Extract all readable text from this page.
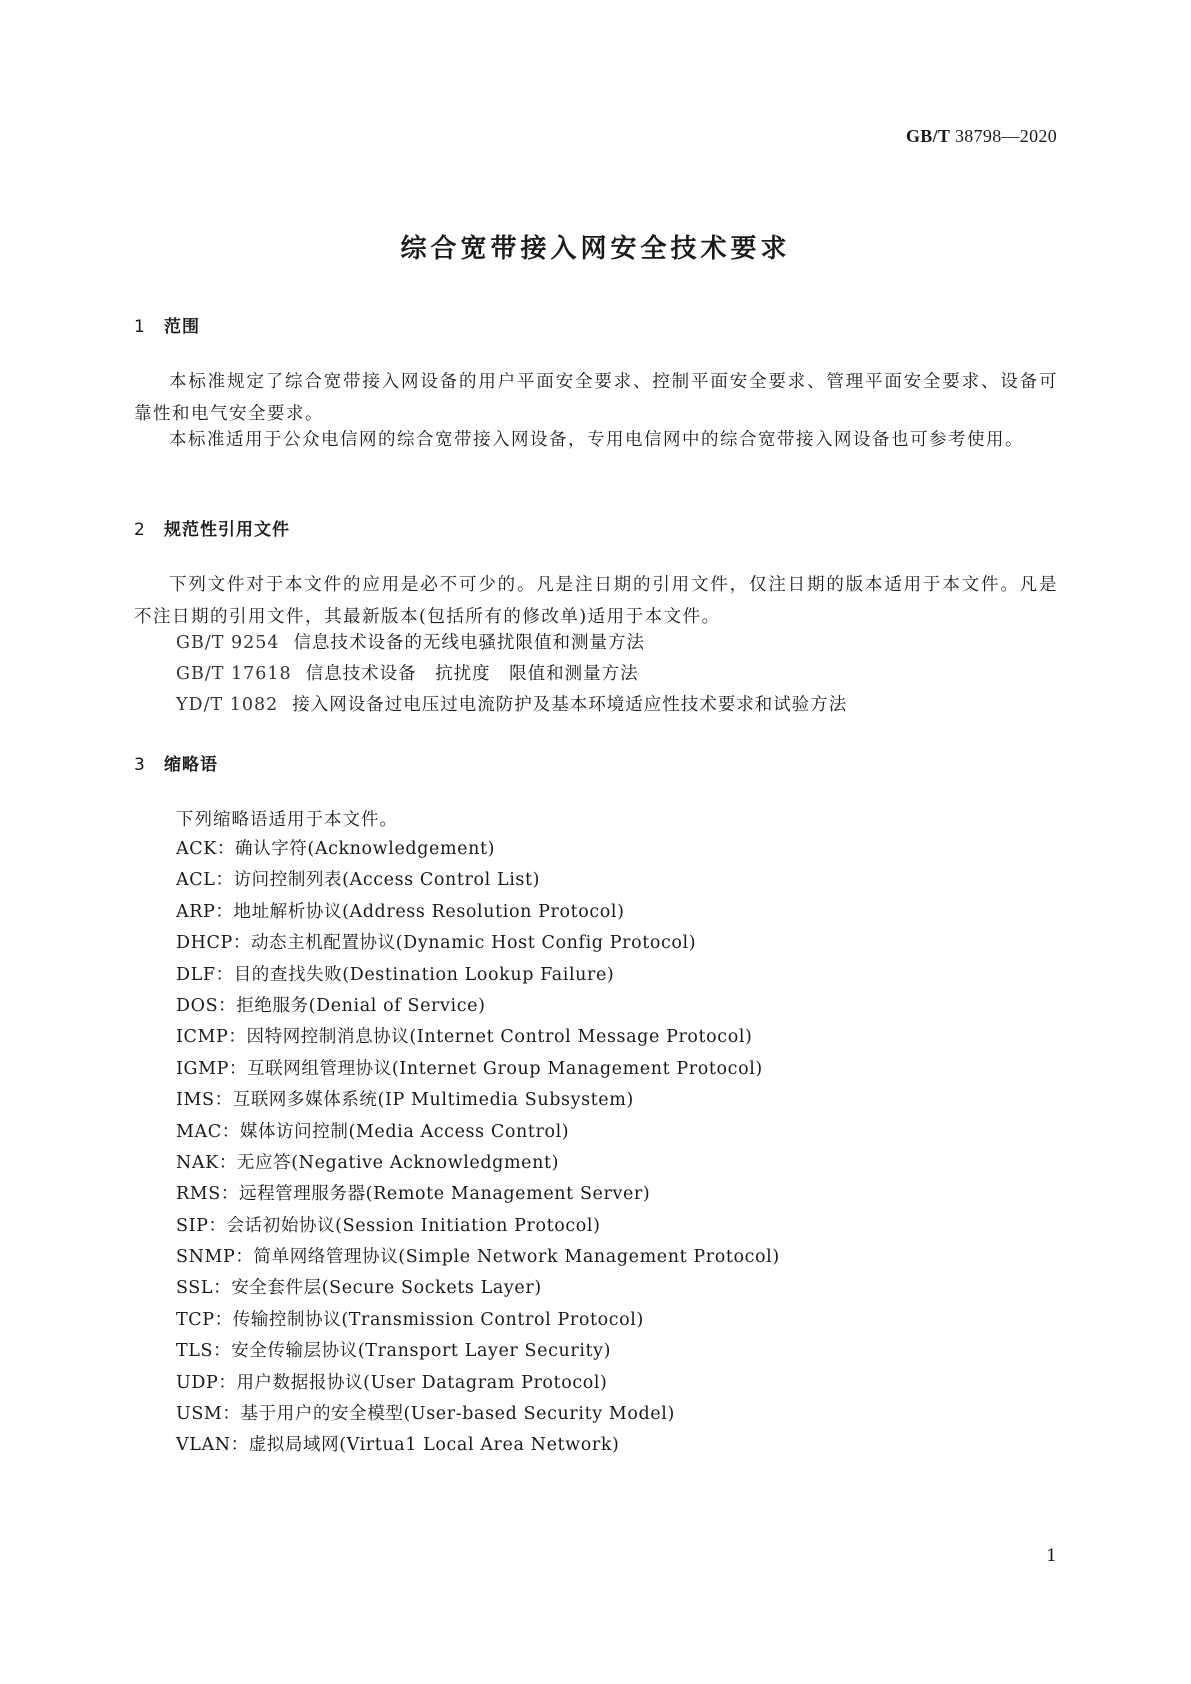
GB/T 38798—2020
综合宽带接入网安全技术要求
1 范围
本标准规定了综合宽带接入网设备的用户平面安全要求、控制平面安全要求、管理平面安全要求、设备可靠性和电气安全要求。
本标准适用于公众电信网的综合宽带接入网设备，专用电信网中的综合宽带接入网设备也可参考使用。
2 规范性引用文件
下列文件对于本文件的应用是必不可少的。凡是注日期的引用文件，仅注日期的版本适用于本文件。凡是不注日期的引用文件，其最新版本(包括所有的修改单)适用于本文件。
GB/T 9254 信息技术设备的无线电骚扰限值和测量方法
GB/T 17618 信息技术设备　抗扰度　限值和测量方法
YD/T 1082 接入网设备过电压过电流防护及基本环境适应性技术要求和试验方法
3 缩略语
下列缩略语适用于本文件。
ACK：确认字符(Acknowledgement)
ACL：访问控制列表(Access Control List)
ARP：地址解析协议(Address Resolution Protocol)
DHCP：动态主机配置协议(Dynamic Host Config Protocol)
DLF：目的查找失败(Destination Lookup Failure)
DOS：拒绝服务(Denial of Service)
ICMP：因特网控制消息协议(Internet Control Message Protocol)
IGMP：互联网组管理协议(Internet Group Management Protocol)
IMS：互联网多媒体系统(IP Multimedia Subsystem)
MAC：媒体访问控制(Media Access Control)
NAK：无应答(Negative Acknowledgment)
RMS：远程管理服务器(Remote Management Server)
SIP：会话初始协议(Session Initiation Protocol)
SNMP：简单网络管理协议(Simple Network Management Protocol)
SSL：安全套件层(Secure Sockets Layer)
TCP：传输控制协议(Transmission Control Protocol)
TLS：安全传输层协议(Transport Layer Security)
UDP：用户数据报协议(User Datagram Protocol)
USM：基于用户的安全模型(User-based Security Model)
VLAN：虚拟局域网(Virtua1 Local Area Network)
1
